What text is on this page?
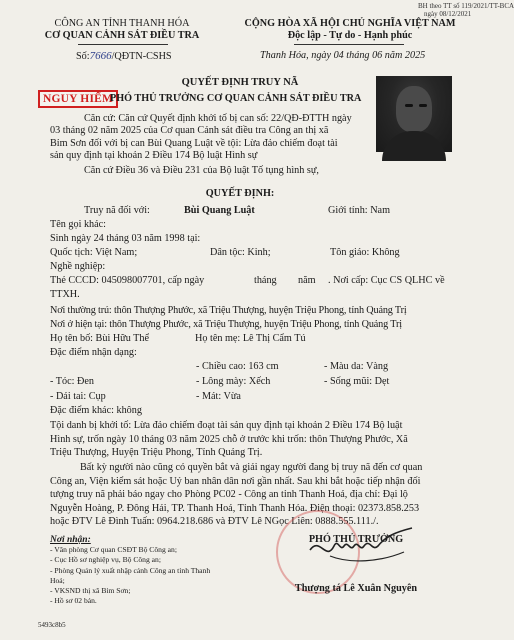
BH theo TT số 119/2021/TT-BCA
ngày 08/12/2021
CÔNG AN TỈNH THANH HÓA
CƠ QUAN CẢNH SÁT ĐIỀU TRA
Số:7666/QĐTN-CSHS
CỘNG HÒA XÃ HỘI CHỦ NGHĨA VIỆT NAM
Độc lập - Tự do - Hạnh phúc
Thanh Hóa, ngày 04 tháng 06 năm 2025
QUYẾT ĐỊNH TRUY NÃ
NGUY HIỂM
PHÓ THỦ TRƯỞNG CƠ QUAN CẢNH SÁT ĐIỀU TRA
Căn cứ: Căn cứ Quyết định khởi tố bị can số: 22/QĐ-ĐTTH ngày
03 tháng 02 năm 2025 của Cơ quan Cảnh sát điều tra Công an thị xã
Bỉm Sơn đối với bị can Bùi Quang Luật về tội: Lừa đảo chiếm đoạt tài
sản quy định tại khoản 2 Điều 174 Bộ luật Hình sự
Căn cứ Điều 36 và Điều 231 của Bộ luật Tố tụng hình sự,
QUYẾT ĐỊNH:
Truy nã đối với:	Bùi Quang Luật	Giới tính: Nam
Tên gọi khác:
Sinh ngày 24 tháng 03 năm 1998 tại:
Quốc tịch: Việt Nam;	Dân tộc: Kinh;	Tôn giáo: Không
Nghề nghiệp:
Thẻ CCCD: 045098007701, cấp ngày	tháng năm . Nơi cấp: Cục CS QLHC về
TTXH.
Nơi thường trú: thôn Thượng Phước, xã Triệu Thượng, huyện Triệu Phong, tỉnh Quảng Trị
Nơi ở hiện tại: thôn Thượng Phước, xã Triệu Thượng, huyện Triệu Phong, tỉnh Quảng Trị
Họ tên bố: Bùi Hữu Thể	Họ tên mẹ: Lê Thị Cẩm Tú
Đặc điểm nhận dạng:
- Chiều cao: 163 cm	- Màu da: Vàng
- Tóc: Đen	- Lông mày: Xếch	- Sống mũi: Dẹt
- Dái tai: Cụp	- Mát: Vừa
Đặc điểm khác: không
Tội danh bị khởi tố: Lừa đảo chiếm đoạt tài sản quy định tại khoản 2 Điều 174 Bộ luật
Hình sự, trốn ngày 10 tháng 03 năm 2025 chỗ ở trước khi trốn: thôn Thượng Phước, Xã
Triệu Thượng, Huyện Triệu Phong, Tỉnh Quảng Trị.
Bất kỳ người nào cũng có quyền bắt và giải ngay người đang bị truy nã đến cơ quan
Công an, Viện kiểm sát hoặc Uỷ ban nhân dân nơi gần nhất. Sau khi bắt hoặc tiếp nhận đối
tượng truy nã phải báo ngay cho Phòng PC02 - Công an tỉnh Thanh Hoá, địa chỉ: Đại lộ
Nguyễn Hoàng, P. Đông Hải, TP. Thanh Hoá, Tỉnh Thanh Hóa. Điện thoại: 02373.858.253
hoặc ĐTV Lê Đình Tuấn: 0964.218.686 và ĐTV Lê NGọc Liên: 0888.555.111./.
Nơi nhận:
- Văn phòng Cơ quan CSĐT Bộ Công an;
- Cục Hồ sơ nghiệp vụ, Bộ Công an;
- Phòng Quản lý xuất nhập cảnh Công an tỉnh Thanh
Hoá;
- VKSND thị xã Bỉm Sơn;
- Hồ sơ 02 bản.
5493c8b5
PHÓ THỦ TRƯỞNG
Thượng tá Lê Xuân Nguyên
